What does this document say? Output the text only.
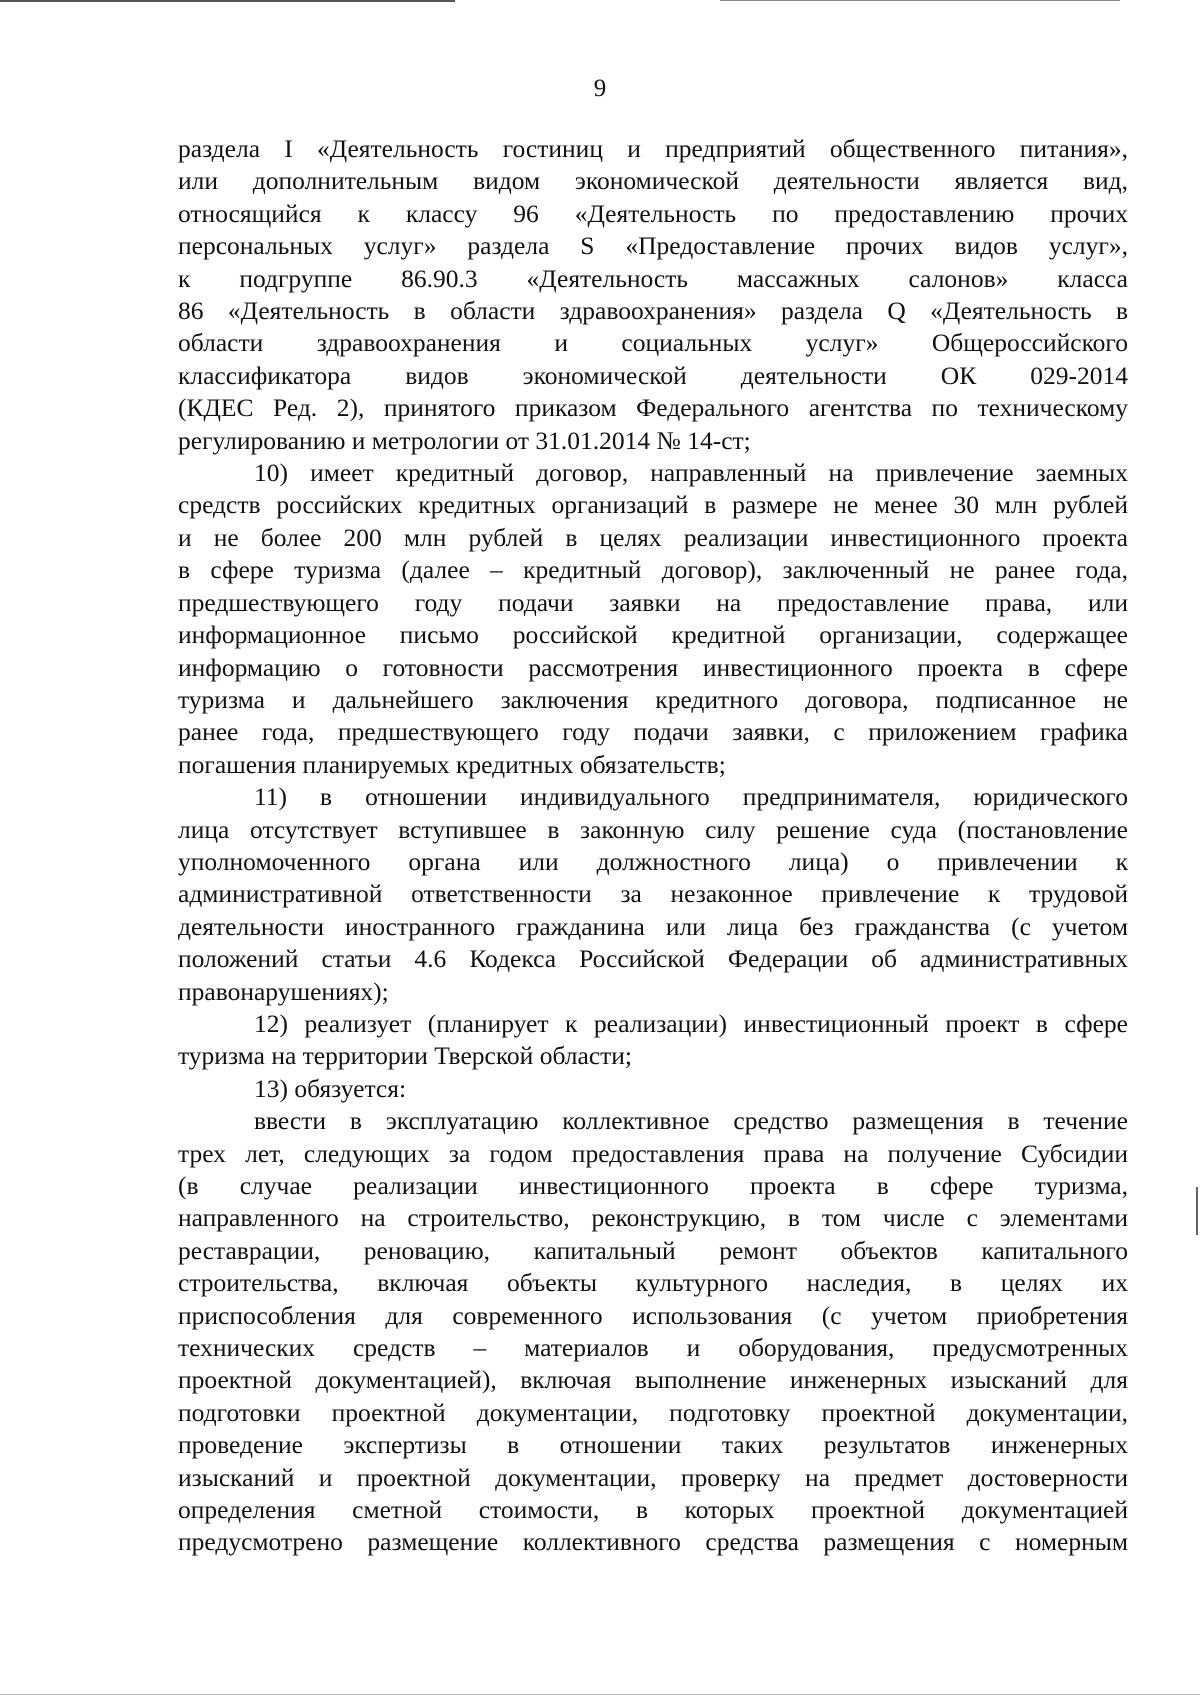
9
раздела I «Деятельность гостиниц и предприятий общественного питания»,
или дополнительным видом экономической деятельности является вид,
относящийся к классу 96 «Деятельность по предоставлению прочих
персональных услуг» раздела S «Предоставление прочих видов услуг»,
к подгруппе 86.90.3 «Деятельность массажных салонов» класса
86 «Деятельность в области здравоохранения» раздела Q «Деятельность в
области здравоохранения и социальных услуг» Общероссийского
классификатора видов экономической деятельности ОК 029-2014
(КДЕС Ред. 2), принятого приказом Федерального агентства по техническому
регулированию и метрологии от 31.01.2014 № 14-ст;
10) имеет кредитный договор, направленный на привлечение заемных
средств российских кредитных организаций в размере не менее 30 млн рублей
и не более 200 млн рублей в целях реализации инвестиционного проекта
в сфере туризма (далее – кредитный договор), заключенный не ранее года,
предшествующего году подачи заявки на предоставление права, или
информационное письмо российской кредитной организации, содержащее
информацию о готовности рассмотрения инвестиционного проекта в сфере
туризма и дальнейшего заключения кредитного договора, подписанное не
ранее года, предшествующего году подачи заявки, с приложением графика
погашения планируемых кредитных обязательств;
11) в отношении индивидуального предпринимателя, юридического
лица отсутствует вступившее в законную силу решение суда (постановление
уполномоченного органа или должностного лица) о привлечении к
административной ответственности за незаконное привлечение к трудовой
деятельности иностранного гражданина или лица без гражданства (с учетом
положений статьи 4.6 Кодекса Российской Федерации об административных
правонарушениях);
12) реализует (планирует к реализации) инвестиционный проект в сфере
туризма на территории Тверской области;
13) обязуется:
ввести в эксплуатацию коллективное средство размещения в течение
трех лет, следующих за годом предоставления права на получение Субсидии
(в случае реализации инвестиционного проекта в сфере туризма,
направленного на строительство, реконструкцию, в том числе с элементами
реставрации, реновацию, капитальный ремонт объектов капитального
строительства, включая объекты культурного наследия, в целях их
приспособления для современного использования (с учетом приобретения
технических средств – материалов и оборудования, предусмотренных
проектной документацией), включая выполнение инженерных изысканий для
подготовки проектной документации, подготовку проектной документации,
проведение экспертизы в отношении таких результатов инженерных
изысканий и проектной документации, проверку на предмет достоверности
определения сметной стоимости, в которых проектной документацией
предусмотрено размещение коллективного средства размещения с номерным
